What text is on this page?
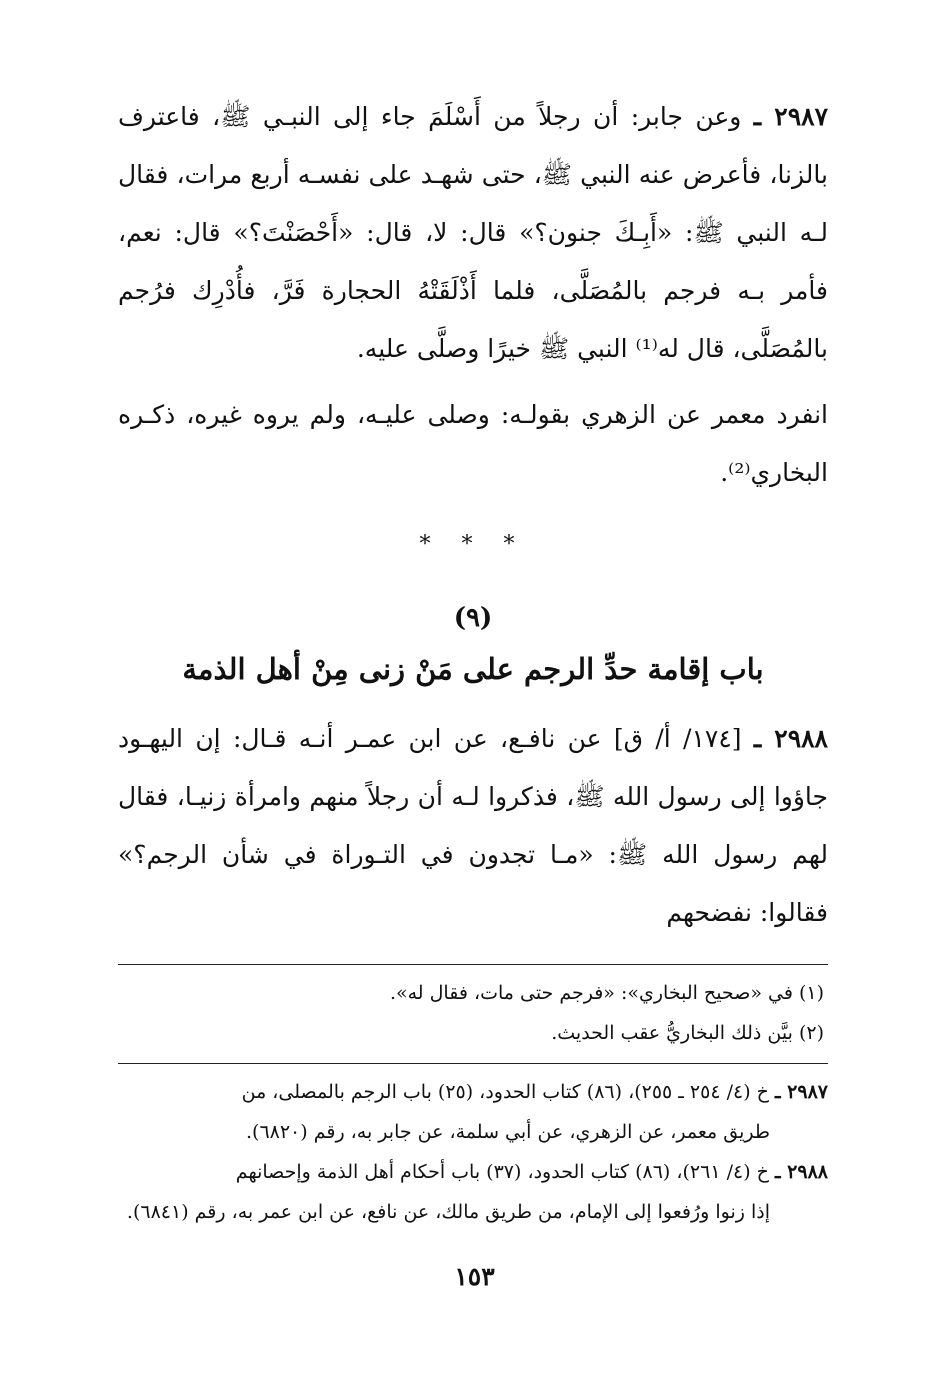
٢٩٨٧ ـ وعن جابر: أن رجلاً من أَسْلَمَ جاء إلى النبـي ﷺ، فاعترف بالزنا، فأعرض عنه النبي ﷺ، حتى شهـد على نفسـه أربع مرات، فقال لـه النبي ﷺ: «أَبِـكَ جنون؟» قال: لا، قال: «أَحْصَنْتَ؟» قال: نعم، فأمر بـه فرجم بالمُصَلَّى، فلما أَذْلَقَتْهُ الحجارة فَرَّ، فأُدْرِك فرُجم بالمُصَلَّى، قال له⁽¹⁾ النبي ﷺ خيرًا وصلَّى عليه.

انفرد معمر عن الزهري بقولـه: وصلى عليـه، ولم يروه غيره، ذكـره البخاري⁽²⁾.

* * *
(٩)
باب إقامة حدِّ الرجم على مَنْ زنى مِنْ أهل الذمة

٢٩٨٨ ـ [١٧٤/ أ/ ق] عن نافـع، عن ابن عمـر أنـه قـال: إن اليهـود جاؤوا إلى رسول الله ﷺ، فذكروا لـه أن رجلاً منهم وامرأة زنيـا، فقال لهم رسول الله ﷺ: «مـا تجدون في التـوراة في شأن الرجم؟» فقالوا: نفضحهم

(١) في «صحيح البخاري»: «فرجم حتى مات، فقال له».

(٢) بيَّن ذلك البخاريُّ عقب الحديث.

٢٩٨٧ ـ خ (٤/ ٢٥٤ ـ ٢٥٥)، (٨٦) كتاب الحدود، (٢٥) باب الرجم بالمصلى، من
طريق معمر، عن الزهري، عن أبي سلمة، عن جابر به، رقم (٦٨٢٠).

٢٩٨٨ ـ خ (٤/ ٢٦١)، (٨٦) كتاب الحدود، (٣٧) باب أحكام أهل الذمة وإحصانهم
إذا زنوا ورُفعوا إلى الإمام، من طريق مالك، عن نافع، عن ابن عمر به، رقم (٦٨٤١).

١٥٣
